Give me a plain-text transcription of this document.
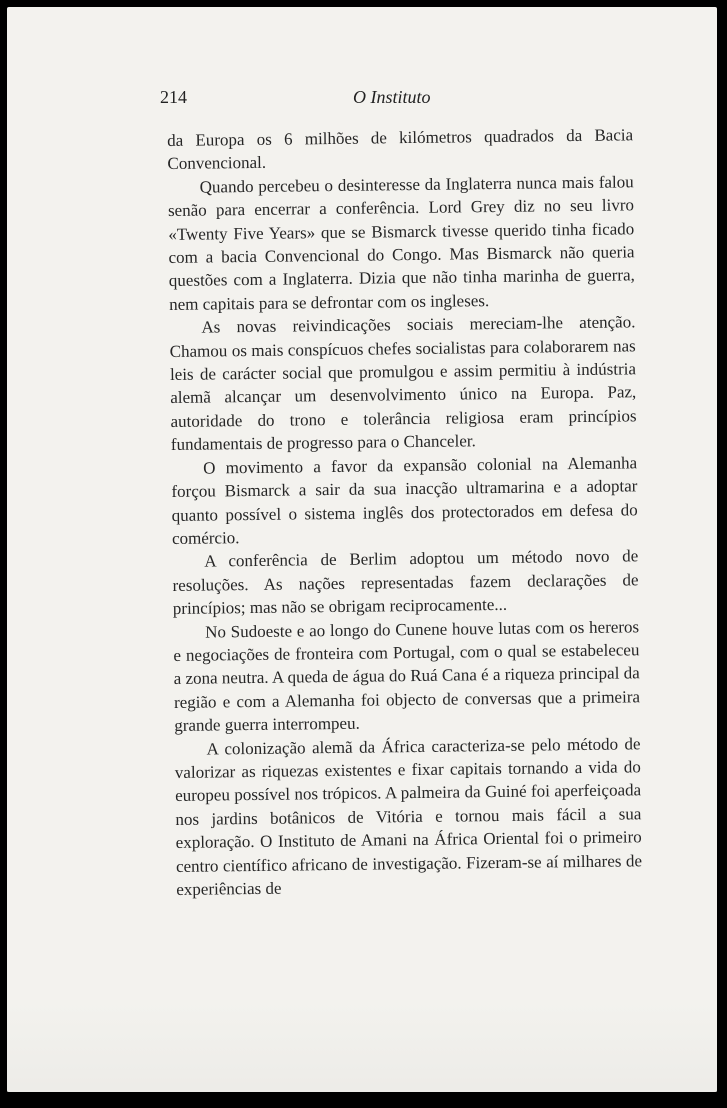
214	O Instituto

da Europa os 6 milhões de kilómetros quadrados da Bacia Convencional.

Quando percebeu o desinteresse da Inglaterra nunca mais falou senão para encerrar a conferência. Lord Grey diz no seu livro «Twenty Five Years» que se Bismarck tivesse querido tinha ficado com a bacia Convencional do Congo. Mas Bismarck não queria questões com a Inglaterra. Dizia que não tinha marinha de guerra, nem capitais para se defrontar com os ingleses.

As novas reivindicações sociais mereciam-lhe atenção. Chamou os mais conspícuos chefes socialistas para colaborarem nas leis de carácter social que promulgou e assim permitiu à indústria alemã alcançar um desenvolvimento único na Europa. Paz, autoridade do trono e tolerância religiosa eram princípios fundamentais de progresso para o Chanceler.

O movimento a favor da expansão colonial na Alemanha forçou Bismarck a sair da sua inacção ultramarina e a adoptar quanto possível o sistema inglês dos protectorados em defesa do comércio.

A conferência de Berlim adoptou um método novo de resoluções. As nações representadas fazem declarações de princípios; mas não se obrigam reciprocamente...

No Sudoeste e ao longo do Cunene houve lutas com os hereros e negociações de fronteira com Portugal, com o qual se estabeleceu a zona neutra. A queda de água do Ruá Cana é a riqueza principal da região e com a Alemanha foi objecto de conversas que a primeira grande guerra interrompeu.

A colonização alemã da África caracteriza-se pelo método de valorizar as riquezas existentes e fixar capitais tornando a vida do europeu possível nos trópicos. A palmeira da Guiné foi aperfeiçoada nos jardins botânicos de Vitória e tornou mais fácil a sua exploração. O Instituto de Amani na África Oriental foi o primeiro centro científico africano de investigação. Fizeram-se aí milhares de experiências de
